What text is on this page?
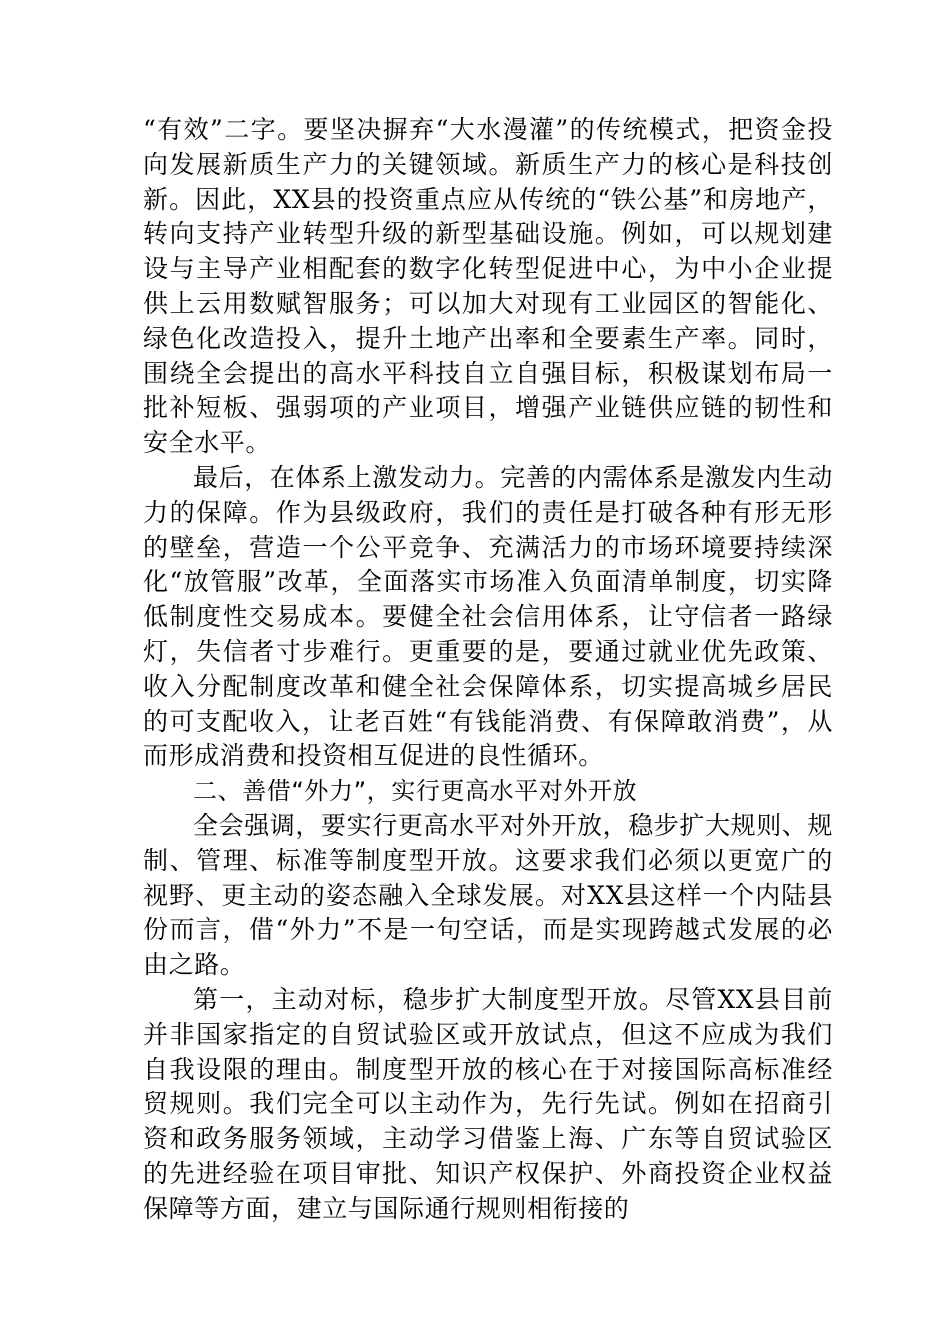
“有效”二字。要坚决摒弃“大水漫灌”的传统模式，把资金投向发展新质生产力的关键领域。新质生产力的核心是科技创新。因此，XX县的投资重点应从传统的“铁公基”和房地产，转向支持产业转型升级的新型基础设施。例如，可以规划建设与主导产业相配套的数字化转型促进中心，为中小企业提供上云用数赋智服务；可以加大对现有工业园区的智能化、绿色化改造投入，提升土地产出率和全要素生产率。同时，围绕全会提出的高水平科技自立自强目标，积极谋划布局一批补短板、强弱项的产业项目，增强产业链供应链的韧性和安全水平。

最后，在体系上激发动力。完善的内需体系是激发内生动力的保障。作为县级政府，我们的责任是打破各种有形无形的壁垒，营造一个公平竞争、充满活力的市场环境要持续深化“放管服”改革，全面落实市场准入负面清单制度，切实降低制度性交易成本。要健全社会信用体系，让守信者一路绿灯，失信者寸步难行。更重要的是，要通过就业优先政策、收入分配制度改革和健全社会保障体系，切实提高城乡居民的可支配收入，让老百姓“有钱能消费、有保障敢消费”，从而形成消费和投资相互促进的良性循环。

二、善借“外力”，实行更高水平对外开放

全会强调，要实行更高水平对外开放，稳步扩大规则、规制、管理、标准等制度型开放。这要求我们必须以更宽广的视野、更主动的姿态融入全球发展。对XX县这样一个内陆县份而言，借“外力”不是一句空话，而是实现跨越式发展的必由之路。

第一，主动对标，稳步扩大制度型开放。尽管XX县目前并非国家指定的自贸试验区或开放试点，但这不应成为我们自我设限的理由。制度型开放的核心在于对接国际高标准经贸规则。我们完全可以主动作为，先行先试。例如在招商引资和政务服务领域，主动学习借鉴上海、广东等自贸试验区的先进经验在项目审批、知识产权保护、外商投资企业权益保障等方面，建立与国际通行规则相衔接的
